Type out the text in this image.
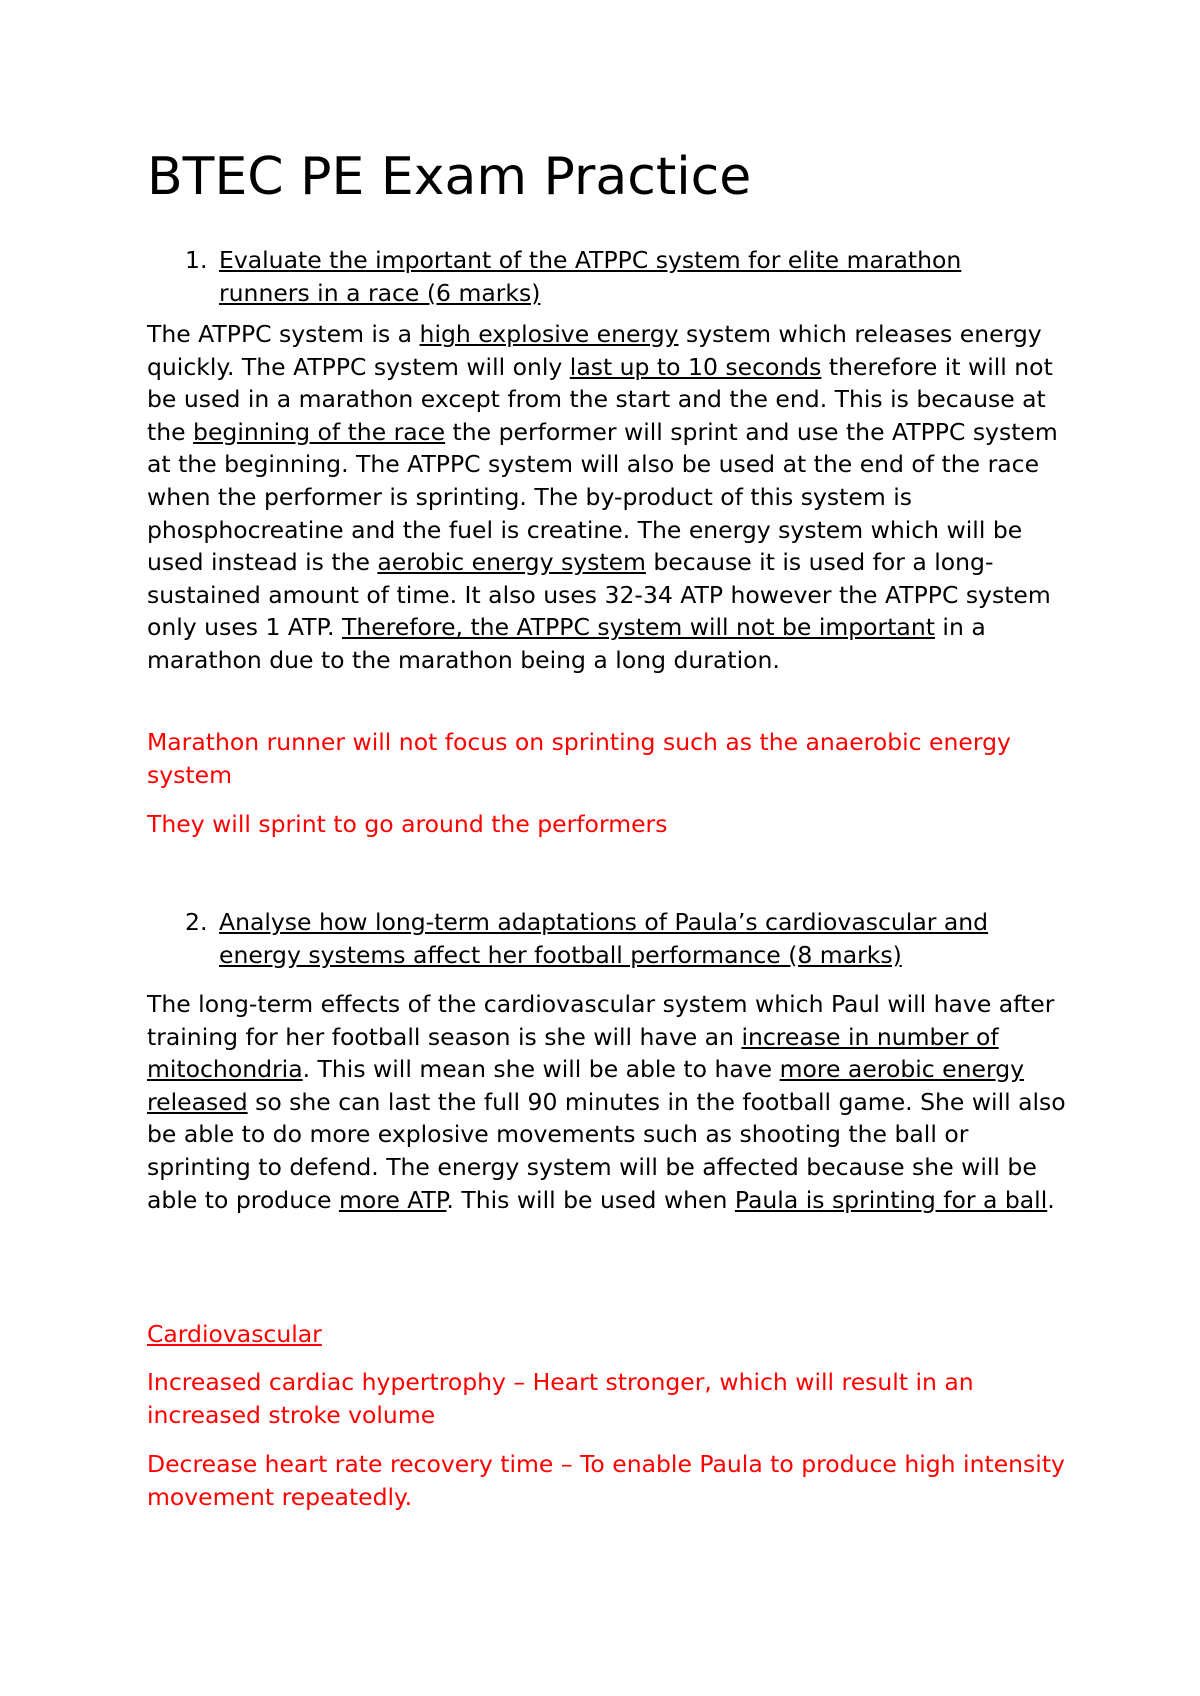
BTEC PE Exam Practice
1. Evaluate the important of the ATPPC system for elite marathon runners in a race (6 marks)

The ATPPC system is a high explosive energy system which releases energy quickly. The ATPPC system will only last up to 10 seconds therefore it will not be used in a marathon except from the start and the end. This is because at the beginning of the race the performer will sprint and use the ATPPC system at the beginning. The ATPPC system will also be used at the end of the race when the performer is sprinting. The by-product of this system is phosphocreatine and the fuel is creatine. The energy system which will be used instead is the aerobic energy system because it is used for a long-sustained amount of time. It also uses 32-34 ATP however the ATPPC system only uses 1 ATP. Therefore, the ATPPC system will not be important in a marathon due to the marathon being a long duration.

Marathon runner will not focus on sprinting such as the anaerobic energy system

They will sprint to go around the performers

2. Analyse how long-term adaptations of Paula’s cardiovascular and energy systems affect her football performance (8 marks)

The long-term effects of the cardiovascular system which Paul will have after training for her football season is she will have an increase in number of mitochondria. This will mean she will be able to have more aerobic energy released so she can last the full 90 minutes in the football game. She will also be able to do more explosive movements such as shooting the ball or sprinting to defend. The energy system will be affected because she will be able to produce more ATP. This will be used when Paula is sprinting for a ball.

Cardiovascular

Increased cardiac hypertrophy – Heart stronger, which will result in an increased stroke volume

Decrease heart rate recovery time – To enable Paula to produce high intensity movement repeatedly.
